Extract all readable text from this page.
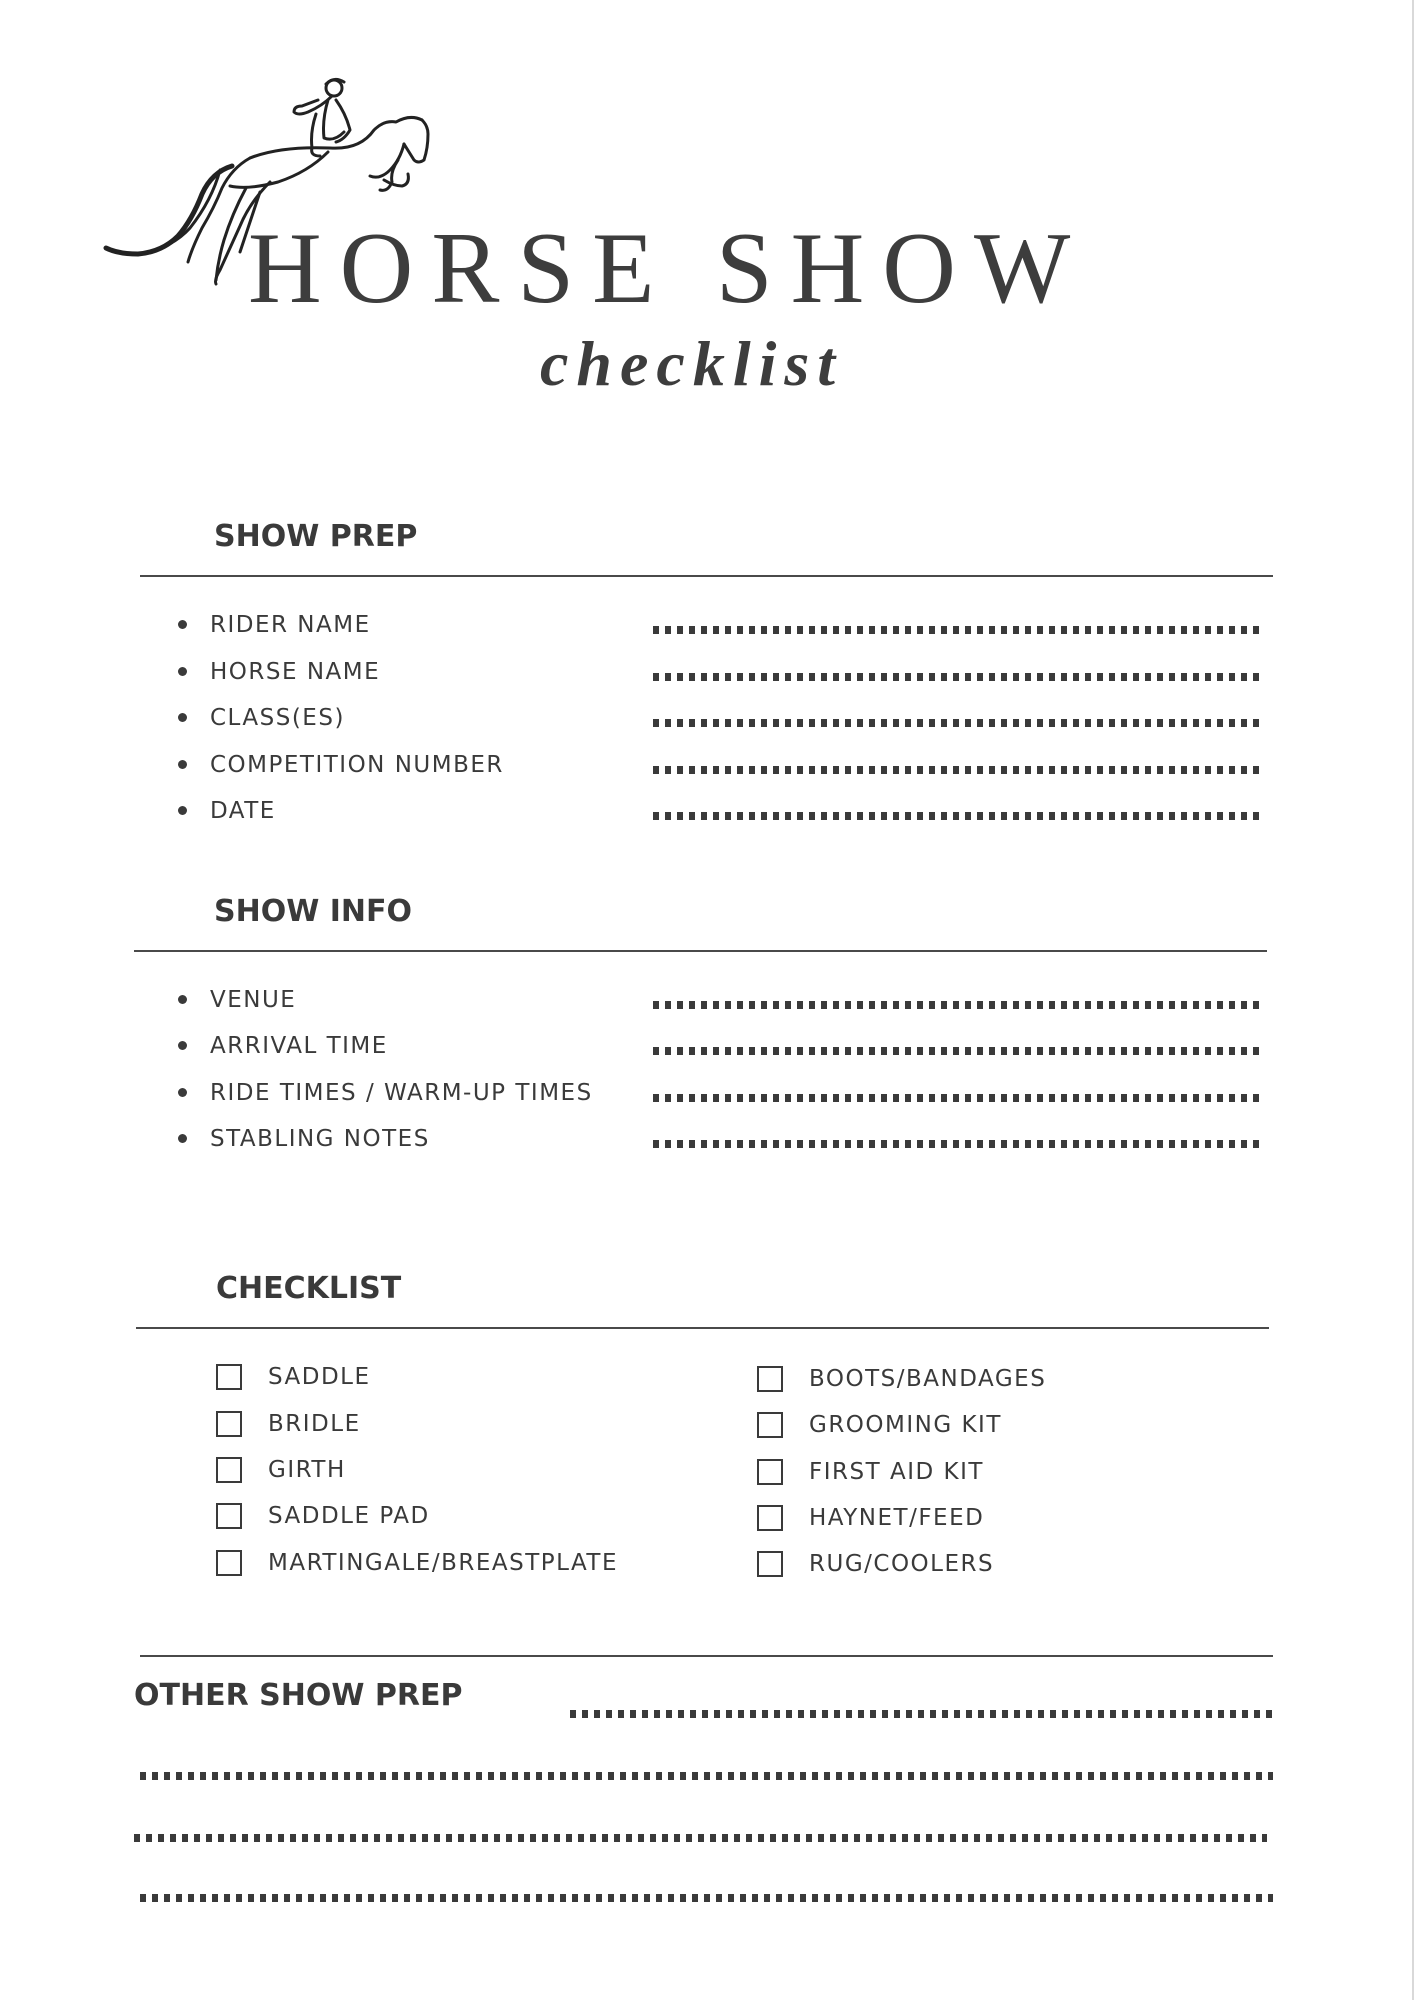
HORSE SHOW
checklist
SHOW PREP
RIDER NAME
HORSE NAME
CLASS(ES)
COMPETITION NUMBER
DATE
SHOW INFO
VENUE
ARRIVAL TIME
RIDE TIMES / WARM-UP TIMES
STABLING NOTES
CHECKLIST
SADDLE
BRIDLE
GIRTH
SADDLE PAD
MARTINGALE/BREASTPLATE
BOOTS/BANDAGES
GROOMING KIT
FIRST AID KIT
HAYNET/FEED
RUG/COOLERS
OTHER SHOW PREP
